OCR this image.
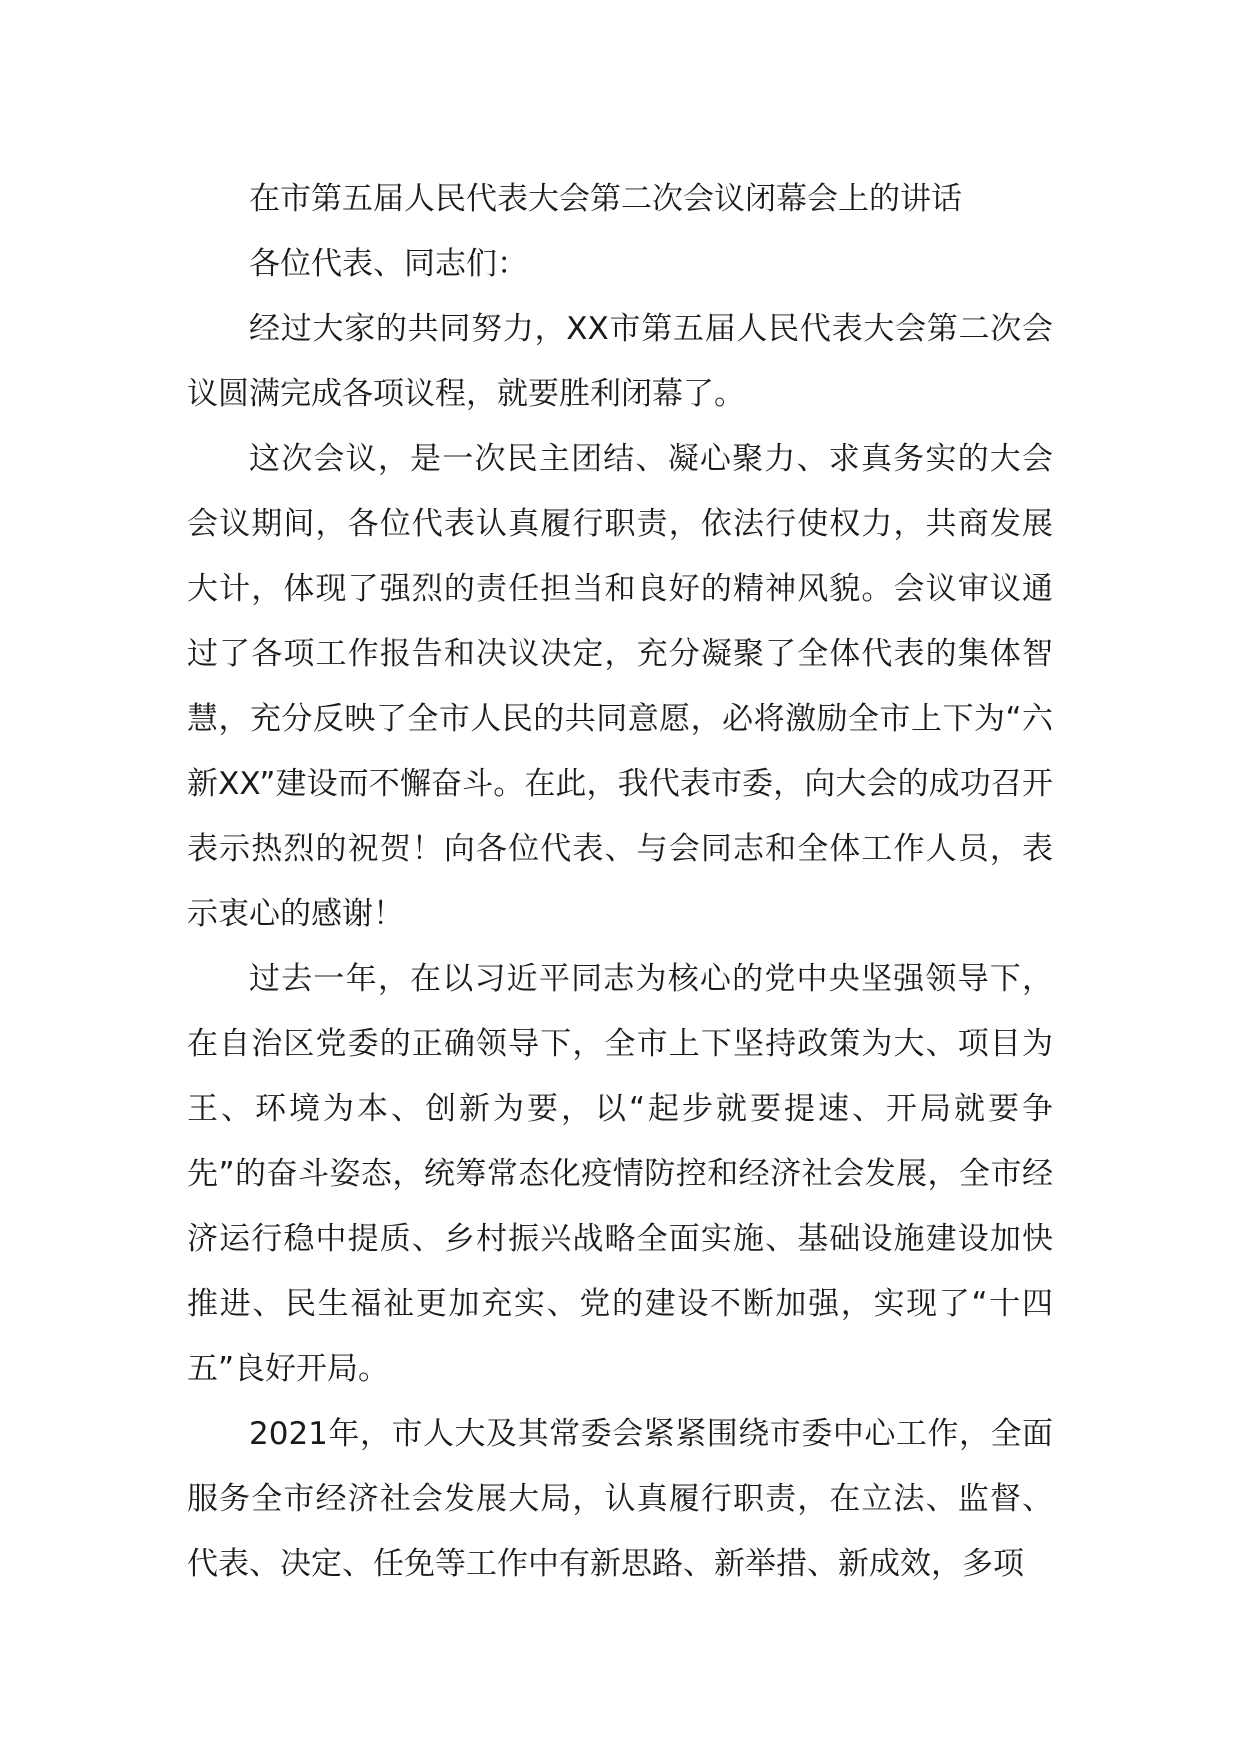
在市第五届人民代表大会第二次会议闭幕会上的讲话

各位代表、同志们：

经过大家的共同努力，XX市第五届人民代表大会第二次会议圆满完成各项议程，就要胜利闭幕了。

这次会议，是一次民主团结、凝心聚力、求真务实的大会会议期间，各位代表认真履行职责，依法行使权力，共商发展大计，体现了强烈的责任担当和良好的精神风貌。会议审议通过了各项工作报告和决议决定，充分凝聚了全体代表的集体智慧，充分反映了全市人民的共同意愿，必将激励全市上下为“六新XX”建设而不懈奋斗。在此，我代表市委，向大会的成功召开表示热烈的祝贺！向各位代表、与会同志和全体工作人员，表示衷心的感谢！

过去一年，在以习近平同志为核心的党中央坚强领导下，在自治区党委的正确领导下，全市上下坚持政策为大、项目为王、环境为本、创新为要，以“起步就要提速、开局就要争先”的奋斗姿态，统筹常态化疫情防控和经济社会发展，全市经济运行稳中提质、乡村振兴战略全面实施、基础设施建设加快推进、民生福祉更加充实、党的建设不断加强，实现了“十四五”良好开局。

2021年，市人大及其常委会紧紧围绕市委中心工作，全面服务全市经济社会发展大局，认真履行职责，在立法、监督、代表、决定、任免等工作中有新思路、新举措、新成效，多项
